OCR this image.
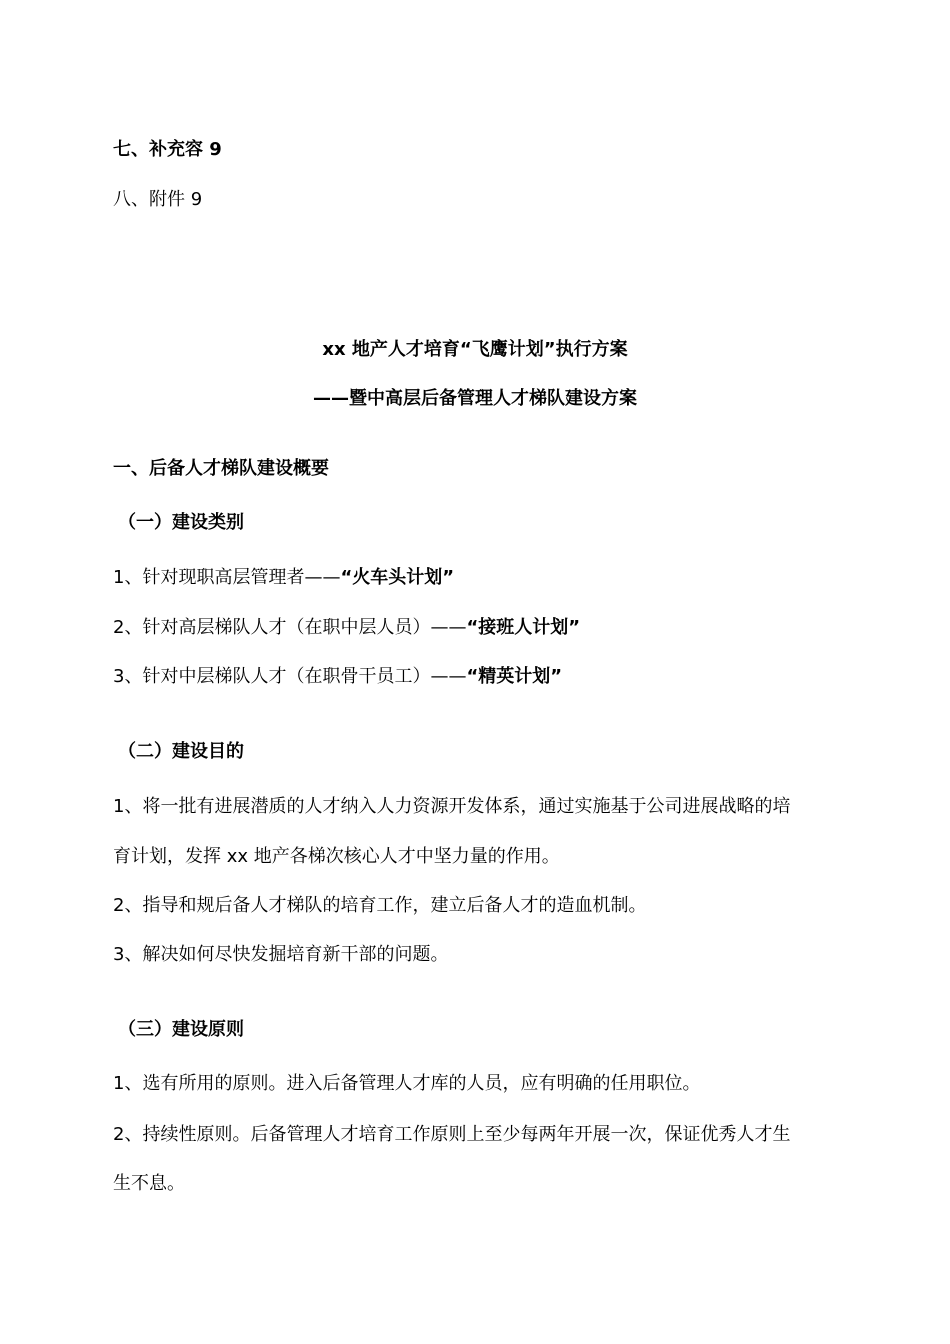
七、补充容 9
八、附件 9
xx 地产人才培育“飞鹰计划”执行方案
——暨中高层后备管理人才梯队建设方案
一、后备人才梯队建设概要
（一）建设类别
1、针对现职高层管理者——“火车头计划”
2、针对高层梯队人才（在职中层人员）——“接班人计划”
3、针对中层梯队人才（在职骨干员工）——“精英计划”
（二）建设目的
1、将一批有进展潜质的人才纳入人力资源开发体系，通过实施基于公司进展战略的培
育计划，发挥 xx 地产各梯次核心人才中坚力量的作用。
2、指导和规后备人才梯队的培育工作，建立后备人才的造血机制。
3、解决如何尽快发掘培育新干部的问题。
（三）建设原则
1、选有所用的原则。进入后备管理人才库的人员，应有明确的任用职位。
2、持续性原则。后备管理人才培育工作原则上至少每两年开展一次，保证优秀人才生
生不息。
